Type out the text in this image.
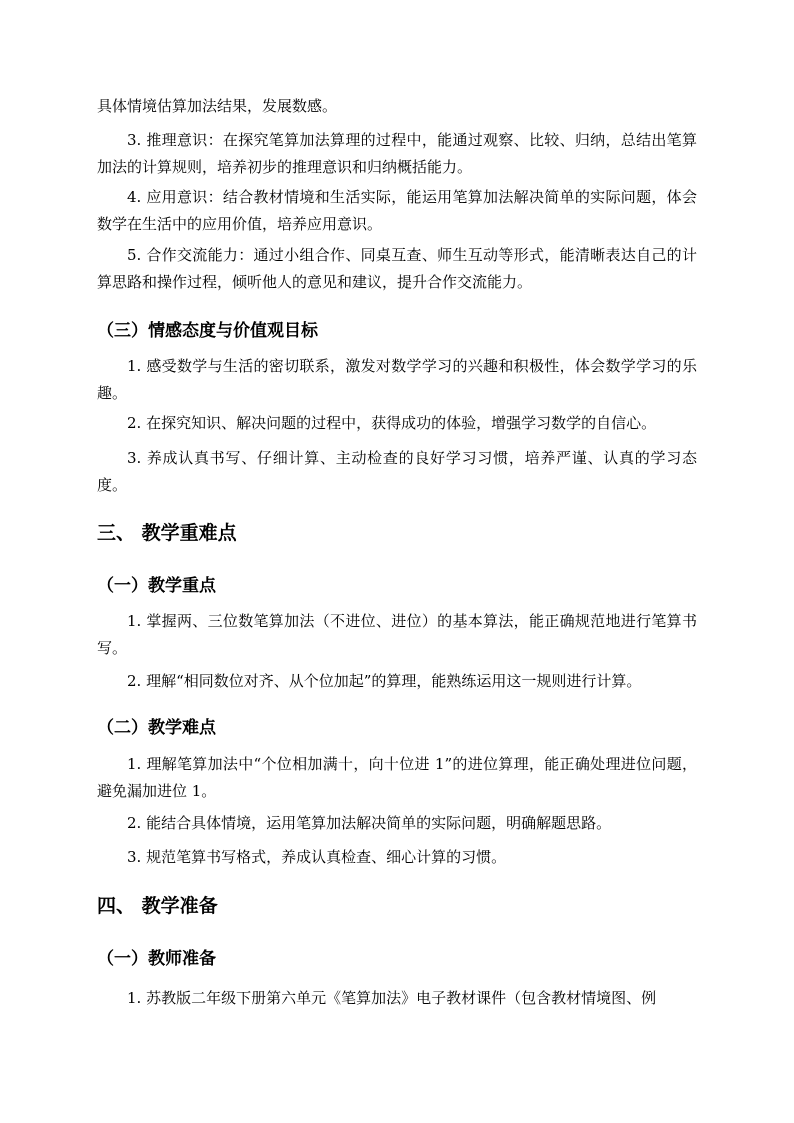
具体情境估算加法结果，发展数感。

3. 推理意识：在探究笔算加法算理的过程中，能通过观察、比较、归纳，总结出笔算加法的计算规则，培养初步的推理意识和归纳概括能力。

4. 应用意识：结合教材情境和生活实际，能运用笔算加法解决简单的实际问题，体会数学在生活中的应用价值，培养应用意识。

5. 合作交流能力：通过小组合作、同桌互查、师生互动等形式，能清晰表达自己的计算思路和操作过程，倾听他人的意见和建议，提升合作交流能力。

（三）情感态度与价值观目标

1. 感受数学与生活的密切联系，激发对数学学习的兴趣和积极性，体会数学学习的乐趣。

2. 在探究知识、解决问题的过程中，获得成功的体验，增强学习数学的自信心。

3. 养成认真书写、仔细计算、主动检查的良好学习习惯，培养严谨、认真的学习态度。

三、 教学重难点
（一）教学重点

1. 掌握两、三位数笔算加法（不进位、进位）的基本算法，能正确规范地进行笔算书写。

2. 理解“相同数位对齐、从个位加起”的算理，能熟练运用这一规则进行计算。

（二）教学难点

1. 理解笔算加法中“个位相加满十，向十位进 1”的进位算理，能正确处理进位问题，避免漏加进位 1。

2. 能结合具体情境，运用笔算加法解决简单的实际问题，明确解题思路。

3. 规范笔算书写格式，养成认真检查、细心计算的习惯。

四、 教学准备
（一）教师准备

1. 苏教版二年级下册第六单元《笔算加法》电子教材课件（包含教材情境图、例
